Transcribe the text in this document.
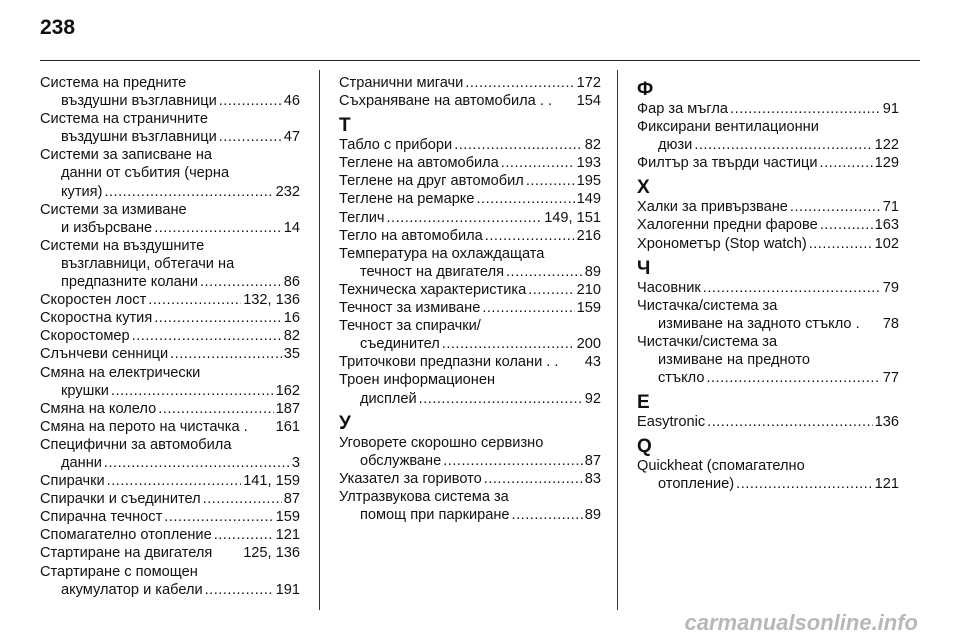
238
Система на предните
въздушни възглавници .....	46
Система на страничните
въздушни възглавници .....	47
Системи за записване на
данни от събития (черна
кутия) .....	232
Системи за измиване
и избърсване .....	14
Системи на въздушните
възглавници, обтегачи на
предпазните колани .....	86
Скоростен лост .....	132, 136
Скоростна кутия .....	16
Скоростомер .....	82
Слънчеви сенници .....	35
Смяна на електрически
крушки .....	162
Смяна на колело .....	187
Смяна на перото на чистачка . 161
Специфични за автомобила
данни .....	3
Спирачки .....	141, 159
Спирачки и съединител .....	87
Спирачна течност .....	159
Спомагателно отопление .....	121
Стартиране на двигателя 125, 136
Стартиране с помощен
акумулатор и кабели .....	191
Странични мигачи .....	172
Съхраняване на автомобила . . 154
Т
Табло с прибори .....	82
Теглене на автомобила .....	193
Теглене на друг автомобил .....	195
Теглене на ремарке .....	149
Теглич .....	149, 151
Тегло на автомобила .....	216
Температура на охлаждащата
течност на двигателя .....	89
Техническа характеристика .....	210
Течност за измиване .....	159
Течност за спирачки/
съединител .....	200
Триточкови предпазни колани . . 43
Троен информационен
дисплей .....	92
У
Уговорете скорошно сервизно
обслужване .....	87
Указател за горивото .....	83
Ултразвукова система за
помощ при паркиране .....	89
Ф
Фар за мъгла .....	91
Фиксирани вентилационни
дюзи .....	122
Филтър за твърди частици .....	129
Х
Халки за привързване .....	71
Халогенни предни фарове .....	163
Хронометър (Stop watch) .....	102
Ч
Часовник .....	79
Чистачка/система за
измиване на задното стъкло . 78
Чистачки/система за
измиване на предното
стъкло .....	77
E
Easytronic .....	136
Q
Quickheat (спомагателно
отопление) .....	121
carmanualsonline.info
